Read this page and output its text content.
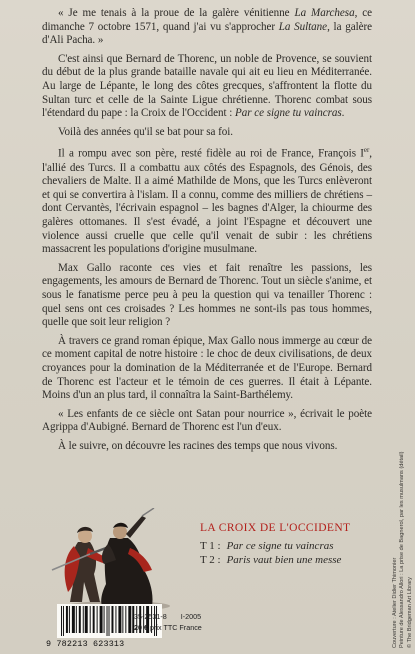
« Je me tenais à la proue de la galère vénitienne La Marchesa, ce dimanche 7 octobre 1571, quand j'ai vu s'approcher La Sultane, la galère d'Ali Pacha. »

C'est ainsi que Bernard de Thorenc, un noble de Provence, se souvient du début de la plus grande bataille navale qui ait eu lieu en Méditerranée. Au large de Lépante, le long des côtes grecques, s'affrontent la flotte du Sultan turc et celle de la Sainte Ligue chrétienne. Thorenc combat sous l'étendard du pape : la Croix de l'Occident : Par ce signe tu vaincras.

Voilà des années qu'il se bat pour sa foi.

Il a rompu avec son père, resté fidèle au roi de France, François Ier, l'allié des Turcs. Il a combattu aux côtés des Espagnols, des Génois, des chevaliers de Malte. Il a aimé Mathilde de Mons, que les Turcs enlèveront et qui se convertira à l'islam. Il a connu, comme des milliers de chrétiens – dont Cervantès, l'écrivain espagnol – les bagnes d'Alger, la chiourme des galères ottomanes. Il s'est évadé, a joint l'Espagne et découvert une violence aussi cruelle que celle qu'il venait de subir : les chrétiens massacrent les populations d'origine musulmane.

Max Gallo raconte ces vies et fait renaître les passions, les engagements, les amours de Bernard de Thorenc. Tout un siècle s'anime, et sous le fanatisme perce peu à peu la question qui va tenailler Thorenc : quel sens ont ces croisades ? Les hommes ne sont-ils pas tous hommes, quelle que soit leur religion ?

À travers ce grand roman épique, Max Gallo nous immerge au cœur de ce moment capital de notre histoire : le choc de deux civilisations, de deux croyances pour la domination de la Méditerranée et de l'Europe. Bernard de Thorenc est l'acteur et le témoin de ces guerres. Il était à Lépante. Moins d'un an plus tard, il connaîtra la Saint-Barthélemy.

« Les enfants de ce siècle ont Satan pour nourrice », écrivait le poète Agrippa d'Aubigné. Bernard de Thorenc est l'un d'eux.

À le suivre, on découvre les racines des temps que nous vivons.

LA CROIX DE L'OCCIDENT
T 1 : Par ce signe tu vaincras
T 2 : Paris vaut bien une messe
9 782213 623313
35-2531-8 I-2005
20 € prix TTC France	Couverture : Atelier Didier Thimonier Peinture de Alessandro Allori : La prise de Bagnerol, par les musulmans (détail) © The Bridgeman Art Library
